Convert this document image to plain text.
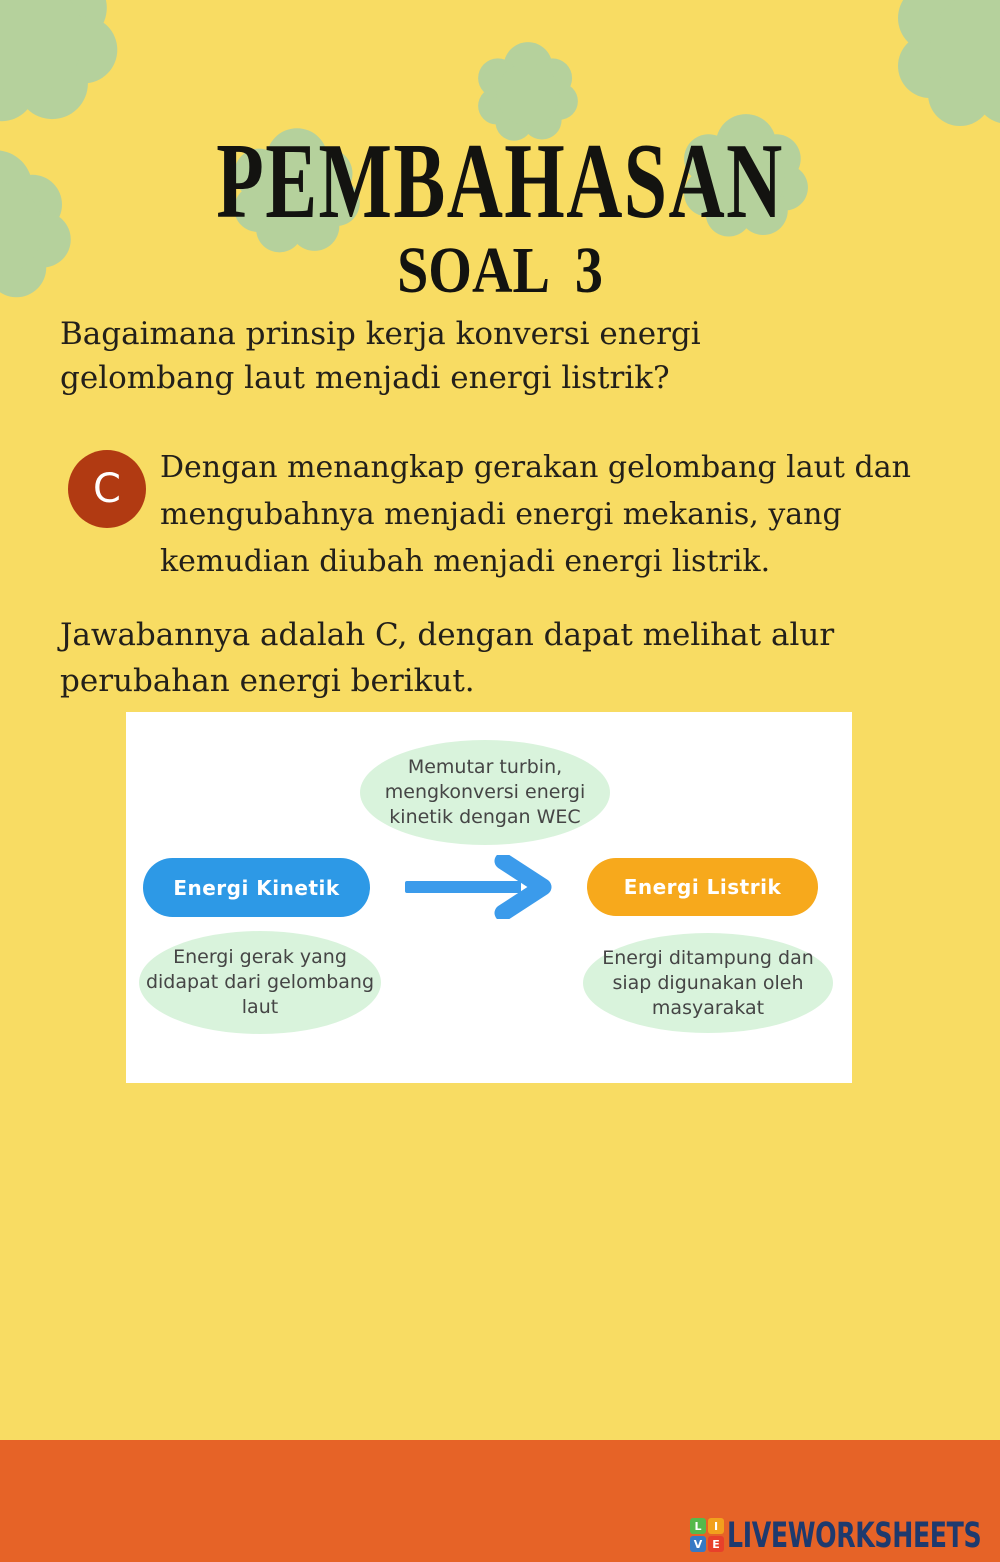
PEMBAHASAN
SOAL  3

Bagaimana prinsip kerja konversi energi
gelombang laut menjadi energi listrik?

C Dengan menangkap gerakan gelombang laut dan
mengubahnya menjadi energi mekanis, yang
kemudian diubah menjadi energi listrik.

Jawabannya adalah C, dengan dapat melihat alur
perubahan energi berikut.

Memutar turbin,
mengkonversi energi
kinetik dengan WEC
Energi Kinetik	Energi Listrik
Energi gerak yang
didapat dari gelombang
laut
Energi ditampung dan
siap digunakan oleh
masyarakat
L	I
V E LIVEWORKSHEETS
